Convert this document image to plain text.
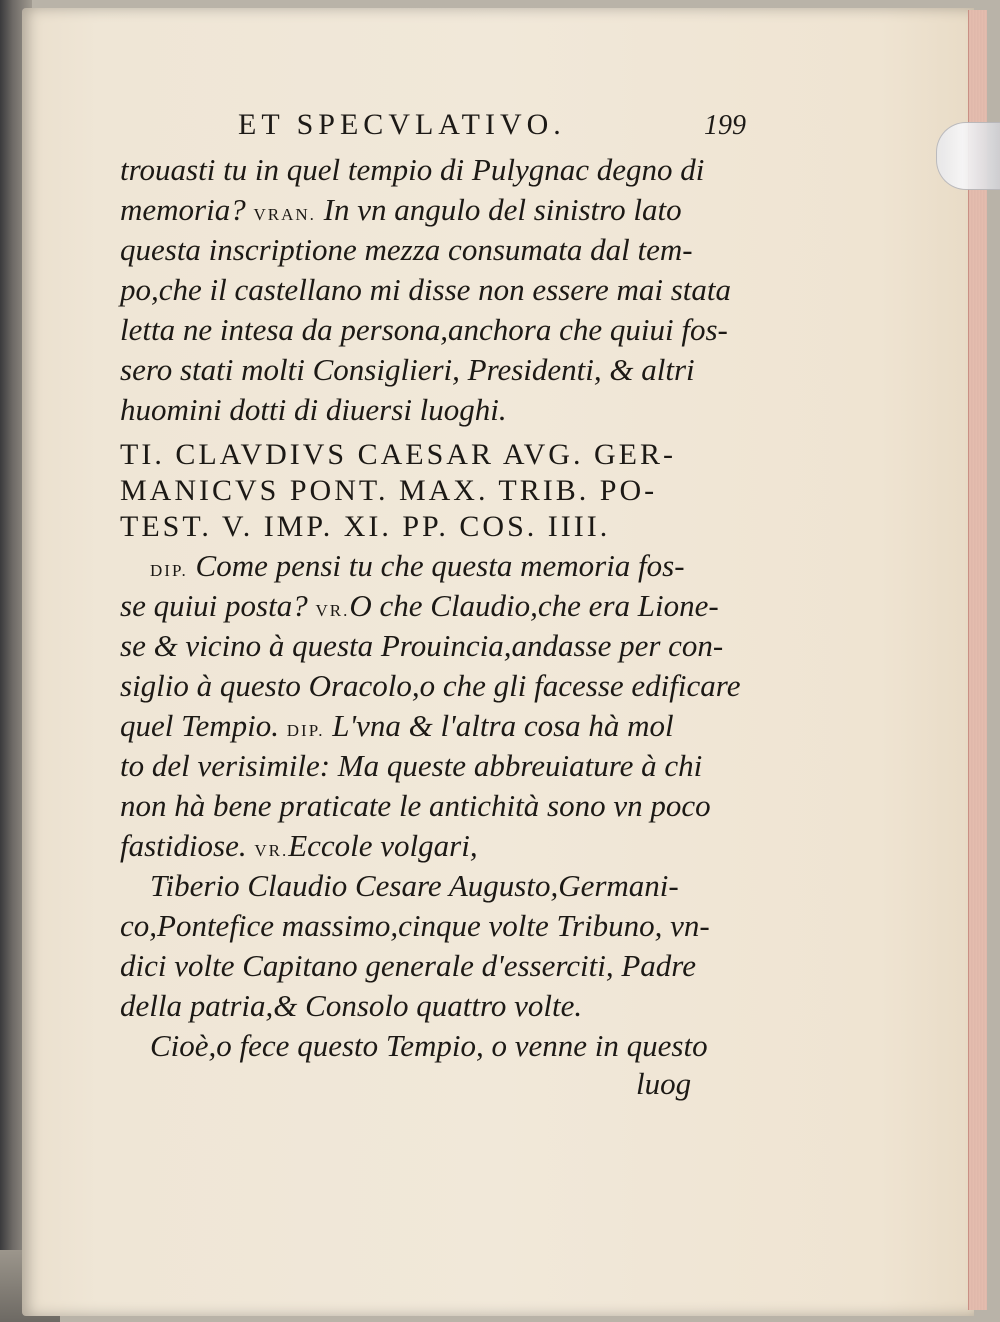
ET SPECVLATIVO.	199
trouasti tu in quel tempio di Pulygnac degno di
memoria? VRAN. In vn angulo del sinistro lato
questa inscriptione mezza consumata dal tem-
po,che il castellano mi disse non essere mai stata
letta ne intesa da persona,anchora che quiui fos-
sero stati molti Consiglieri, Presidenti, & altri
huomini dotti di diuersi luoghi.
TI. CLAVDIVS CAESAR AVG. GER-
MANICVS PONT. MAX. TRIB. PO-
TEST. V. IMP. XI. PP. COS. IIII.
DIP. Come pensi tu che questa memoria fos-
se quiui posta? VR.O che Claudio,che era Lione-
se & vicino à questa Prouincia,andasse per con-
siglio à questo Oracolo,o che gli facesse edificare
quel Tempio. DIP. L'vna & l'altra cosa hà mol
to del verisimile: Ma queste abbreuiature à chi
non hà bene praticate le antichità sono vn poco
fastidiose. VR.Eccole volgari,
Tiberio Claudio Cesare Augusto,Germani-
co,Pontefice massimo,cinque volte Tribuno, vn-
dici volte Capitano generale d'esserciti, Padre
della patria,& Consolo quattro volte.
Cioè,o fece questo Tempio, o venne in questo
luog
